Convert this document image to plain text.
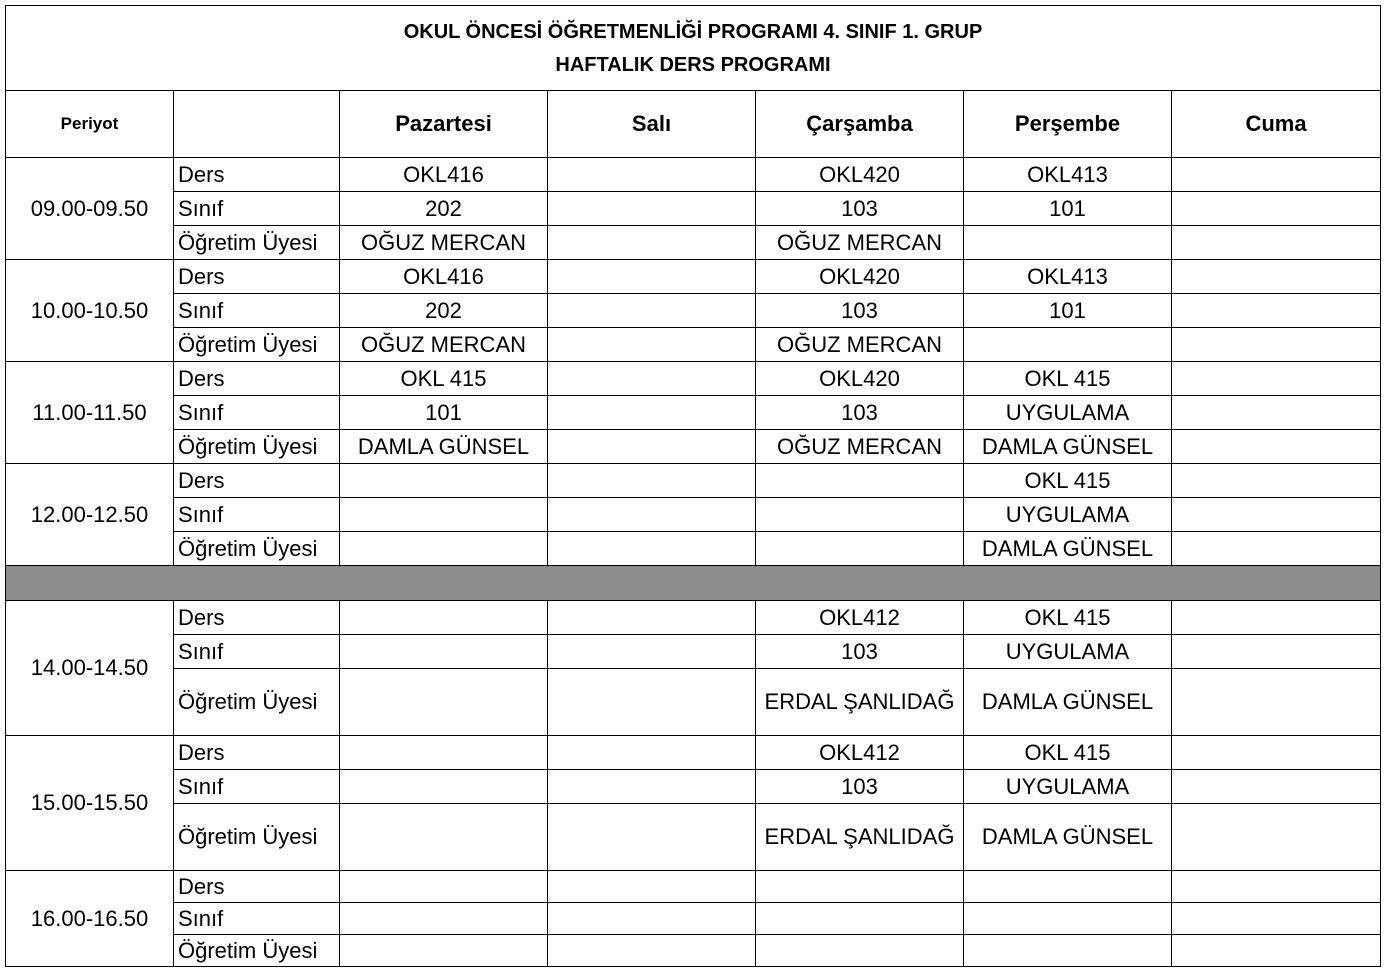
OKUL ÖNCESİ ÖĞRETMENLİĞİ PROGRAMI 4. SINIF 1. GRUP
HAFTALIK DERS PROGRAMI						

Periyot		Pazartesi	Salı	Çarşamba	Perşembe	Cuma
09.00-09.50	Ders	OKL416		OKL420	OKL413	
	Sınıf	202		103	101	
	Öğretim Üyesi	OĞUZ MERCAN		OĞUZ MERCAN		
10.00-10.50	Ders	OKL416		OKL420	OKL413	
	Sınıf	202		103	101	
	Öğretim Üyesi	OĞUZ MERCAN		OĞUZ MERCAN		
11.00-11.50	Ders	OKL 415		OKL420	OKL 415	
	Sınıf	101		103	UYGULAMA	
	Öğretim Üyesi	DAMLA GÜNSEL		OĞUZ MERCAN	DAMLA GÜNSEL	
12.00-12.50	Ders				OKL 415	
	Sınıf				UYGULAMA	
	Öğretim Üyesi				DAMLA GÜNSEL	

14.00-14.50	Ders			OKL412	OKL 415	
	Sınıf			103	UYGULAMA	
	Öğretim Üyesi			ERDAL ŞANLIDAĞ	DAMLA GÜNSEL	
15.00-15.50	Ders			OKL412	OKL 415	
	Sınıf			103	UYGULAMA	
	Öğretim Üyesi			ERDAL ŞANLIDAĞ	DAMLA GÜNSEL	
16.00-16.50	Ders					
	Sınıf					
	Öğretim Üyesi					
